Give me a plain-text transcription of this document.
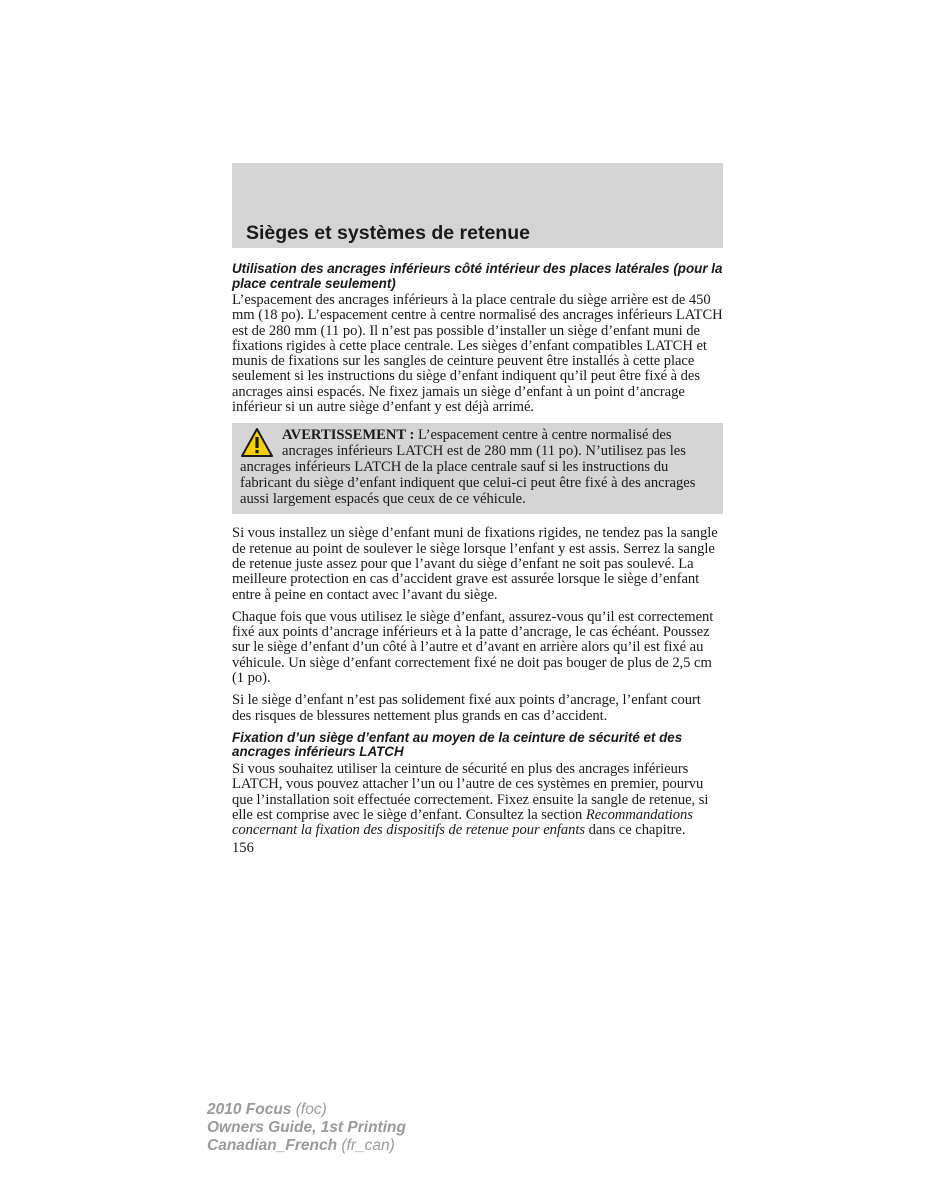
Sièges et systèmes de retenue

Utilisation des ancrages inférieurs côté intérieur des places latérales (pour la place centrale seulement)

L’espacement des ancrages inférieurs à la place centrale du siège arrière est de 450 mm (18 po). L’espacement centre à centre normalisé des ancrages inférieurs LATCH est de 280 mm (11 po). Il n’est pas possible d’installer un siège d’enfant muni de fixations rigides à cette place centrale. Les sièges d’enfant compatibles LATCH et munis de fixations sur les sangles de ceinture peuvent être installés à cette place seulement si les instructions du siège d’enfant indiquent qu’il peut être fixé à des ancrages ainsi espacés. Ne fixez jamais un siège d’enfant à un point d’ancrage inférieur si un autre siège d’enfant y est déjà arrimé.

AVERTISSEMENT : L’espacement centre à centre normalisé des ancrages inférieurs LATCH est de 280 mm (11 po). N’utilisez pas les ancrages inférieurs LATCH de la place centrale sauf si les instructions du fabricant du siège d’enfant indiquent que celui-ci peut être fixé à des ancrages aussi largement espacés que ceux de ce véhicule.

Si vous installez un siège d’enfant muni de fixations rigides, ne tendez pas la sangle de retenue au point de soulever le siège lorsque l’enfant y est assis. Serrez la sangle de retenue juste assez pour que l’avant du siège d’enfant ne soit pas soulevé. La meilleure protection en cas d’accident grave est assurée lorsque le siège d’enfant entre à peine en contact avec l’avant du siège.

Chaque fois que vous utilisez le siège d’enfant, assurez-vous qu’il est correctement fixé aux points d’ancrage inférieurs et à la patte d’ancrage, le cas échéant. Poussez sur le siège d’enfant d’un côté à l’autre et d’avant en arrière alors qu’il est fixé au véhicule. Un siège d’enfant correctement fixé ne doit pas bouger de plus de 2,5 cm (1 po).

Si le siège d’enfant n’est pas solidement fixé aux points d’ancrage, l’enfant court des risques de blessures nettement plus grands en cas d’accident.

Fixation d’un siège d’enfant au moyen de la ceinture de sécurité et des ancrages inférieurs LATCH

Si vous souhaitez utiliser la ceinture de sécurité en plus des ancrages inférieurs LATCH, vous pouvez attacher l’un ou l’autre de ces systèmes en premier, pourvu que l’installation soit effectuée correctement. Fixez ensuite la sangle de retenue, si elle est comprise avec le siège d’enfant. Consultez la section Recommandations concernant la fixation des dispositifs de retenue pour enfants dans ce chapitre.

156

2010 Focus (foc)
Owners Guide, 1st Printing
Canadian_French (fr_can)
